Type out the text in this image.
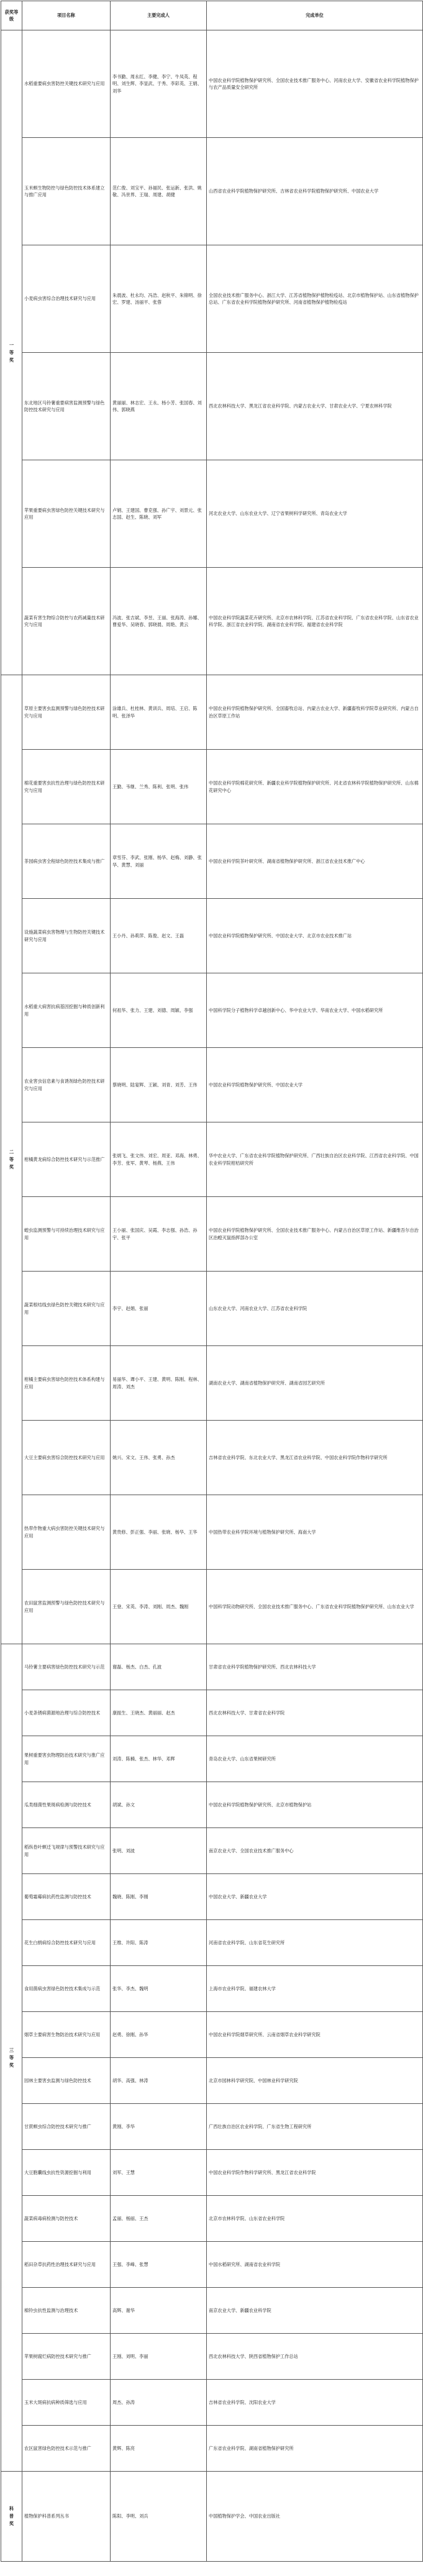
获奖等级	项目名称	主要完成人	完成单位
一等奖	水稻重要病虫害防控关键技术研究与应用	李书勤、周永红、李健、李宁、牛凤英、程明、刘生辉、李显武、于秀、李彩英、王娟、刘华	中国农业科学院植物保护研究所、全国农业技术推广服务中心、河南农业大学、安徽省农业科学院植物保护与农产品质量安全研究所
	玉米螟生物防控与绿色防控技术体系建立与推广应用	范仁俊、刘宝平、孙福民、张运新、张洪、姚敬、冯世界、王瑞、周建、胡健	山西省农业科学院植物保护研究所、吉林省农业科学院植物保护研究所、中国农业大学
	小麦病虫害综合治理技术研究与应用	朱晨波、杜永均、冯浩、赵秋平、朱锦明、徐宏、罗建、汤丽平、张蓉	全国农业技术推广服务中心、浙江大学、江苏省植物保护植物检疫站、北京市植物保护站、山东省植物保护总站、广东省农业科学院植物保护研究所、河南省植物保护植物检疫站
	东北地区马铃薯重要病害监测预警与绿色防控技术研究与应用	黄丽丽、林志宏、王永、杨小芳、张国春、刘伟、郭晓燕	西北农林科技大学、黑龙江省农业科学院、内蒙古农业大学、甘肃农业大学、宁夏农林科学院
	苹果重要病虫害绿色防控关键技术研究与应用	卢娟、王建国、曹克强、孙广宇、刘景元、张志国、赵生、陈晓、刘军	河北农业大学、山东农业大学、辽宁省果树科学研究所、青岛农业大学
	蔬菜有害生物综合防控与农药减量技术研究与应用	冯波、张吉斌、李昱、王丽、张海涛、孙娜、曹爱华、吴晓春、郭晓晨、周艳、黄云	中国农业科学院蔬菜花卉研究所、北京市农林科学院、江苏省农业科学院、广东省农业科学院、山东省农业科学院、浙江省农业科学院、湖南省农业科学院、福建省农业科学院
二等奖	草原主要害虫监测预警与绿色防控技术研究与应用	涂雄兵、杜桂林、黄训兵、周培、王启、陈明、张泽华	中国农业科学院植物保护研究所、全国畜牧总站、内蒙古农业大学、新疆畜牧科学院草业研究所、内蒙古自治区草原工作站
	棉花重要害虫抗性治理与绿色防控技术研究与应用	王勤、韦继、兰秀、陈利、张明、张伟	中国农业科学院棉花研究所、新疆农业科学院植物保护研究所、河北省农林科学院植物保护研究所、山东棉花研究中心
	茶园病虫害全程绿色防控技术集成与推广	章雪芬、李武、张刚、杨华、赵梅、刘静、张华、黄慧、刘丽	中国农业科学院茶叶研究所、湖南省植物保护研究所、浙江省农业技术推广中心
	设施蔬菜病虫害物理与生物防控关键技术研究与应用	王小丹、孙莉萍、陈俊、赵文、王磊	中国农业科学院植物保护研究所、中国农业大学、北京市农业技术推广站
	水稻重大病害抗病基因挖掘与种质创新利用	何祖华、张力、王建、刘德、周颖、李强	中国科学院分子植物科学卓越创新中心、华中农业大学、华南农业大学、中国水稻研究所
	农业害虫信息素与食诱剂绿色防控技术研究与应用	蔡晓明、陆宴辉、王颖、刘青、刘芳、王伟	中国农业科学院植物保护研究所、中国农业大学
	柑橘黄龙病综合防控技术研究与示范推广	张炳飞、张文伟、刘宏、周亚、邓海、林勇、李芳、张军、黄琴、杨燕、王伟	华中农业大学、广东省农业科学院植物保护研究所、广西壮族自治区农业科学院、江西省农业科学院、中国农业科学院柑桔研究所
	蝗虫监测预警与可持续治理技术研究与应用	王小丽、张国庆、吴霞、李志强、孙浩、孙宇、张平	中国农业科学院植物保护研究所、全国农业技术推广服务中心、内蒙古自治区草原工作站、新疆维吾尔自治区治蝗灭鼠指挥部办公室
	蔬菜根结线虫绿色防控关键技术研究与应用	李宇、赵娟、张丽	山东农业大学、河南农业大学、江苏省农业科学院
	柑橘主要病虫害绿色防控技术体系构建与应用	易丽华、谭小平、王建、黄明、陈刚、程林、周涛、刘杰	湖南农业大学、湖南省植物保护研究所、湖南省园艺研究所
	大豆主要病虫害综合防控技术研究与应用	姚兴、宋文、王伟、张勇、孙杰	吉林省农业科学院、东北农业大学、黑龙江省农业科学院、中国农业科学院作物科学研究所
	热带作物重大病虫害防控关键技术研究与应用	黄贵修、彭正强、李丽、张晓、杨华、王华	中国热带农业科学院环境与植物保护研究所、海南大学
	农田鼠害监测预警与绿色防控技术研究与应用	王登、宋英、李涛、刘刚、周杰、魏刚	中国科学院动物研究所、全国农业技术推广服务中心、广东省农业科学院植物保护研究所、山东农业大学
三等奖	马铃薯主要病害绿色防控技术研究与示范	谢磊、杨杰、白杰、孔波	甘肃省农业科学院植物保护研究所、西北农林科技大学
	小麦条锈病菌源地治理与综合防控技术	康振生、王晓杰、黄丽丽、赵杰	西北农林科技大学、甘肃省农业科学院
	果树重要害虫物理防治技术研究与推广应用	刘涛、陈楠、张杰、林华、邓辉	青岛农业大学、山东省果树研究所
	瓜类细菌性果斑病检测与防控技术	胡斌、孙文	中国农业科学院植物保护研究所、北京市植物保护站
	稻纵卷叶螟迁飞规律与预警技术研究与应用	张明、刘波	南京农业大学、全国农业技术推广服务中心
	葡萄霜霉病抗药性监测与防控技术	魏晓、陈刚、李刚	中国农业大学、新疆农业大学
	花生白绢病综合防控技术研究与应用	王维、许阳、陈涛	河南省农业科学院、山东省花生研究所
	食用菌病虫害绿色防控技术集成与示范	张华、李杰、魏明	上海市农业科学院、福建农林大学
	烟草主要病害生物防治技术研究与应用	赵勇、徐刚、孙华	中国农业科学院烟草研究所、云南省烟草农业科学研究院
	园林主要害虫监测与绿色防控技术	胡华、高强、林涛	北京市园林科学研究院、中国林业科学研究院
	甘蔗螟虫综合防控技术研究与推广	黄刚、李华	广西壮族自治区农业科学院、广东省生物工程研究所
	大豆胞囊线虫抗性资源挖掘与利用	刘军、王慧	中国农业科学院作物科学研究所、黑龙江省农业科学院
	蔬菜病毒病检测与防控技术	孟丽、杨丽、王杰	北京市农林科学院、山东省农业科学院
	稻田杂草抗药性治理技术研究与应用	王强、李峰、张慧	中国水稻研究所、湖南省农业科学院
	棉铃虫抗性监测与治理技术	高辉、谢华	南京农业大学、新疆农业科学院
	苹果树腐烂病防控技术研究与推广	王刚、刘明、李丽	西北农林科技大学、陕西省植物保护工作总站
	玉米大斑病抗病种质筛选与应用	周杰、孙涛	吉林省农业科学院、沈阳农业大学
	农区鼠害绿色防控技术示范与推广	黄辉、陈亮	广东省农业科学院、湖南省植物保护研究所
科普奖	植物保护科普系列丛书	陈阳、李明、刘兵	中国植物保护学会、中国农业出版社
